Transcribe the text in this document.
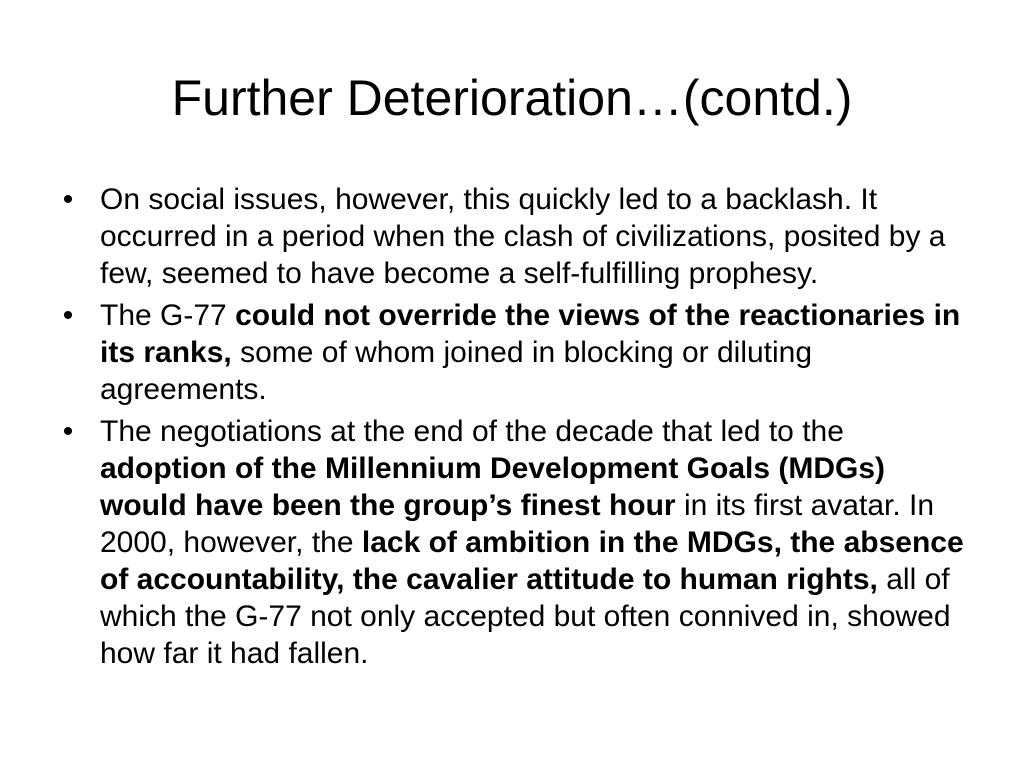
Further Deterioration…(contd.)
• On social issues, however, this quickly led to a backlash. It occurred in a period when the clash of civilizations, posited by a few, seemed to have become a self-fulfilling prophesy.
• The G-77 could not override the views of the reactionaries in its ranks, some of whom joined in blocking or diluting agreements.
• The negotiations at the end of the decade that led to the adoption of the Millennium Development Goals (MDGs) would have been the group’s finest hour in its first avatar. In 2000, however, the lack of ambition in the MDGs, the absence of accountability, the cavalier attitude to human rights, all of which the G-77 not only accepted but often connived in, showed how far it had fallen.
